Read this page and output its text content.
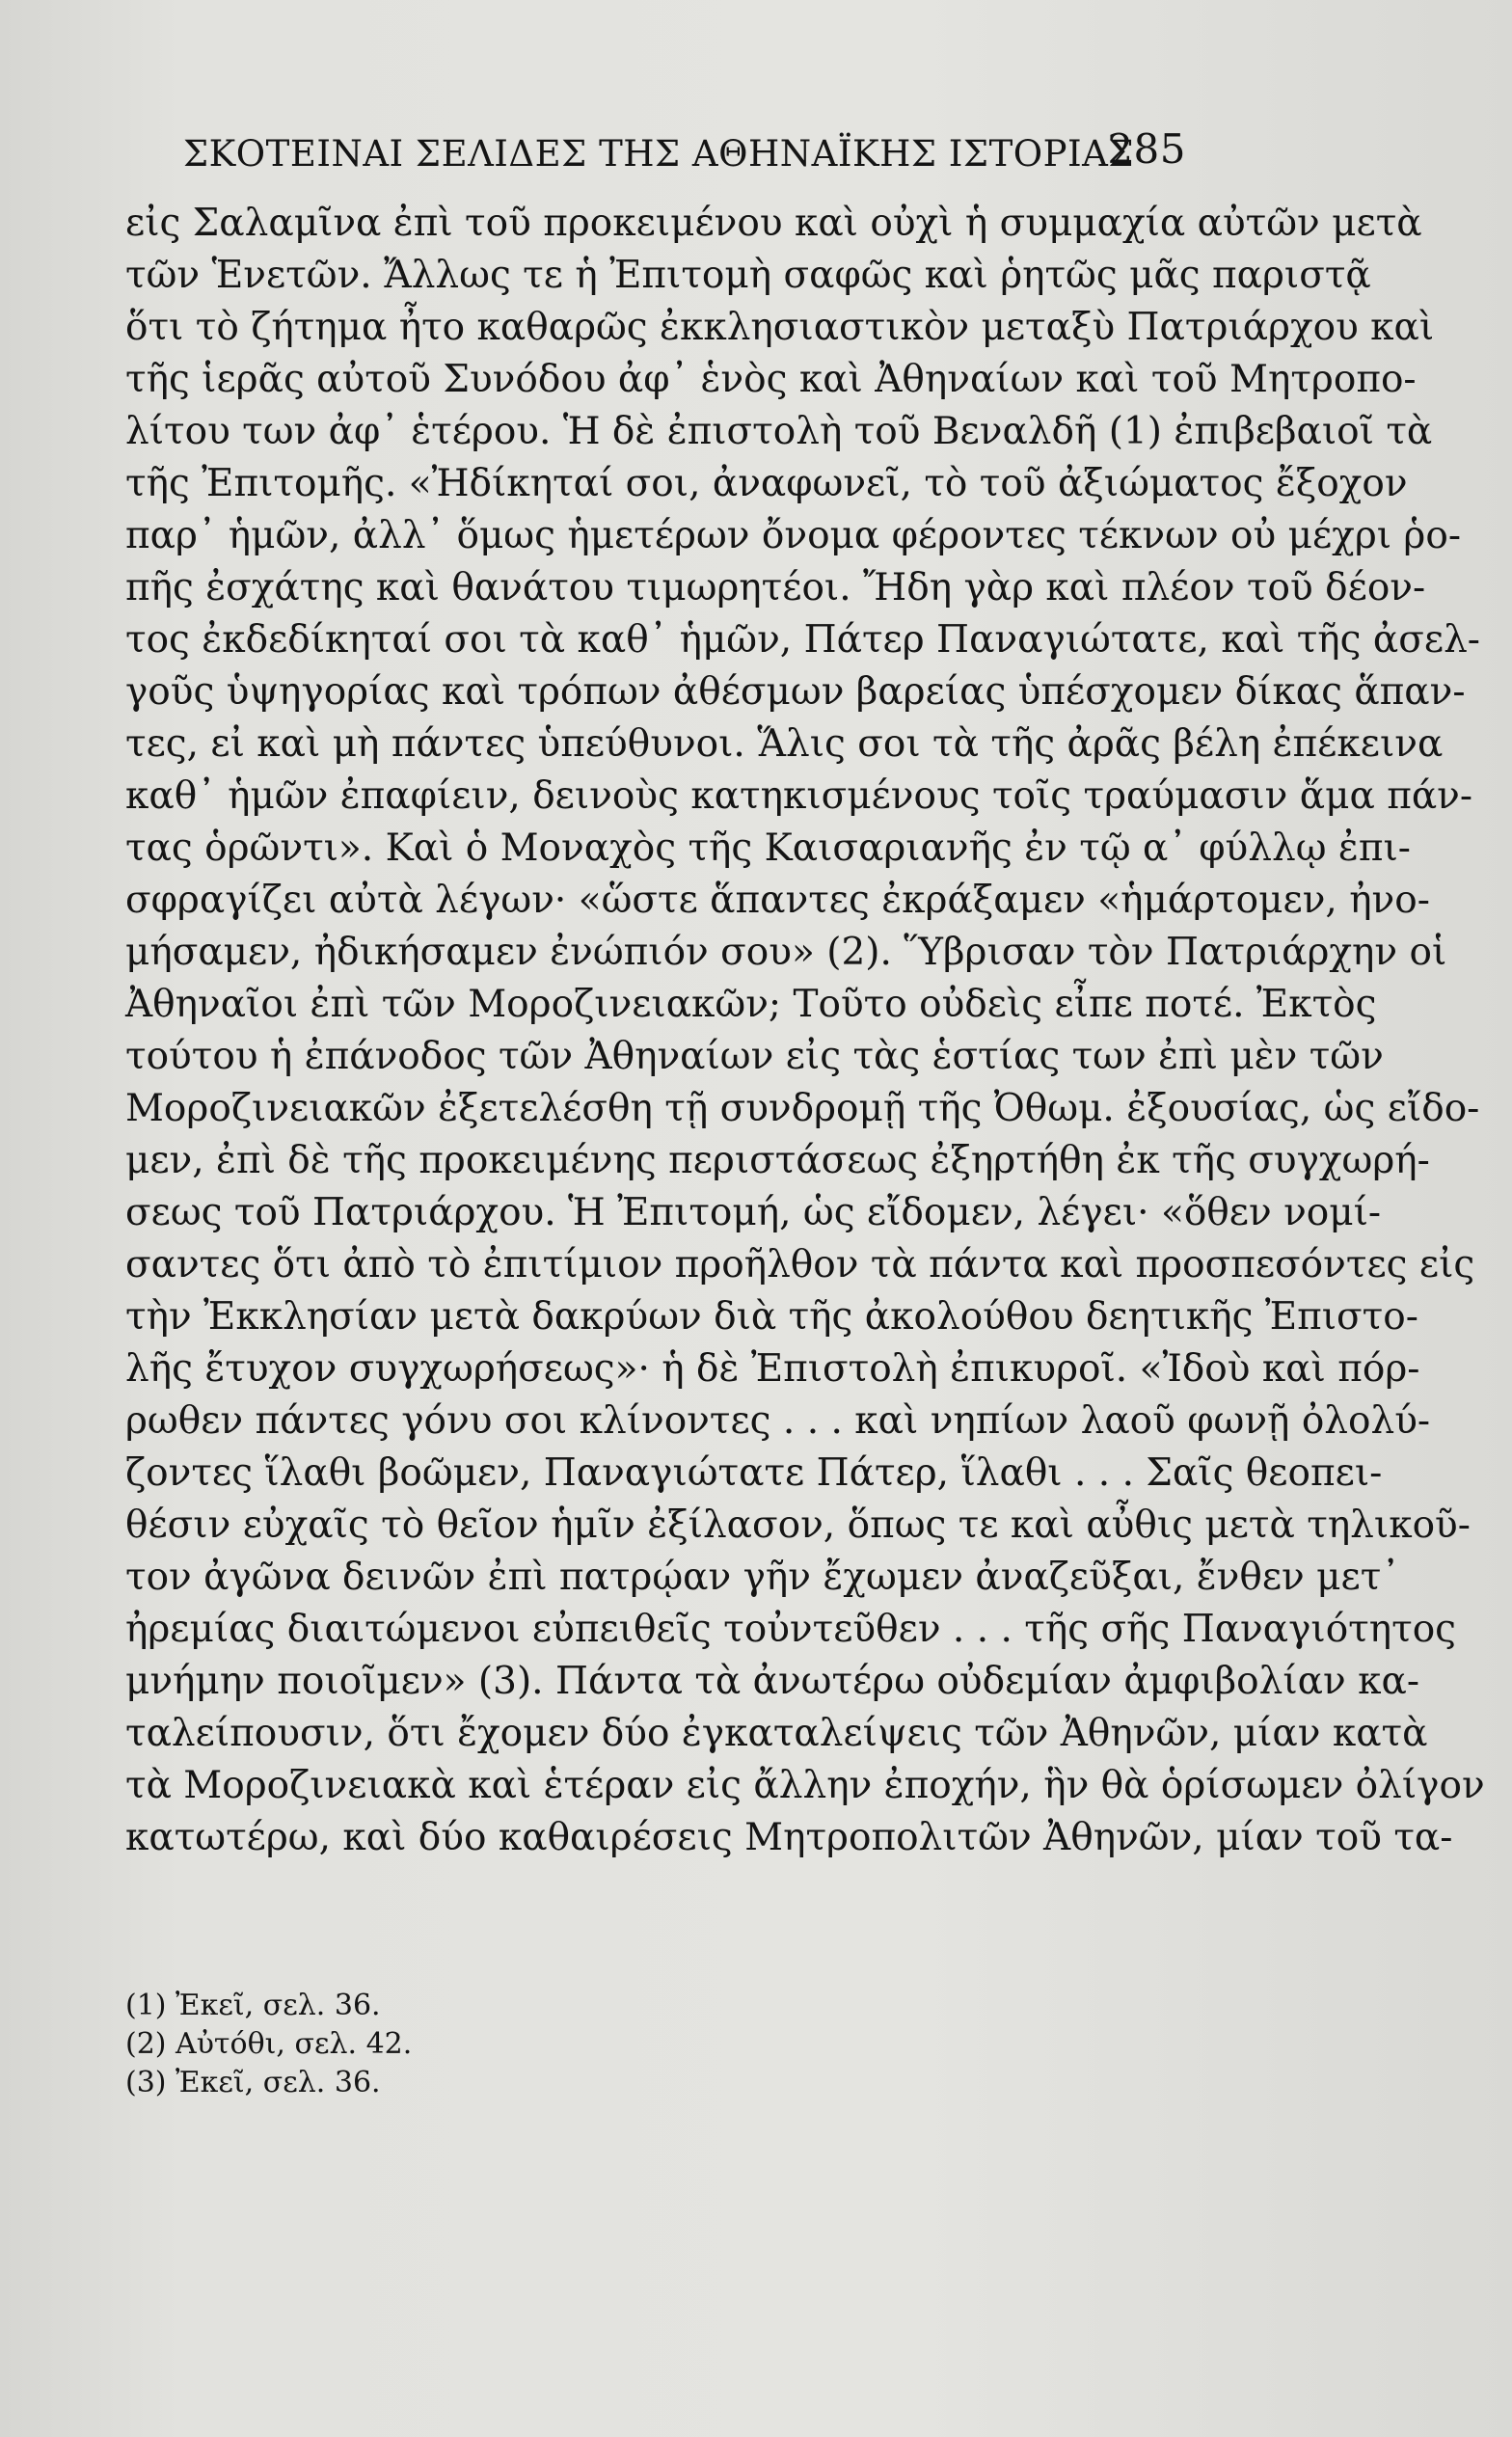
ΣΚΟΤΕΙΝΑΙ ΣΕΛΙΔΕΣ ΤΗΣ ΑΘΗΝΑΪΚΗΣ ΙΣΤΟΡΙΑΣ
285
εἰς Σαλαμῖνα ἐπὶ τοῦ προκειμένου καὶ οὐχὶ ἡ συμμαχία αὐτῶν μετὰ
τῶν Ἑνετῶν. Ἄλλως τε ἡ Ἐπιτομὴ σαφῶς καὶ ῥητῶς μᾶς παριστᾷ
ὅτι τὸ ζήτημα ἦτο καθαρῶς ἐκκλησιαστικὸν μεταξὺ Πατριάρχου καὶ
τῆς ἱερᾶς αὐτοῦ Συνόδου ἀφ᾽ ἑνὸς καὶ Ἀθηναίων καὶ τοῦ Μητροπο-
λίτου των ἀφ᾽ ἑτέρου. Ἡ δὲ ἐπιστολὴ τοῦ Βεναλδῆ (1) ἐπιβεβαιοῖ τὰ
τῆς Ἐπιτομῆς. «Ἠδίκηταί σοι, ἀναφωνεῖ, τὸ τοῦ ἀξιώματος ἔξοχον
παρ᾽ ἡμῶν, ἀλλ᾽ ὅμως ἡμετέρων ὄνομα φέροντες τέκνων οὐ μέχρι ῥο-
πῆς ἐσχάτης καὶ θανάτου τιμωρητέοι. Ἤδη γὰρ καὶ πλέον τοῦ δέον-
τος ἐκδεδίκηταί σοι τὰ καθ᾽ ἡμῶν, Πάτερ Παναγιώτατε, καὶ τῆς ἀσελ-
γοῦς ὑψηγορίας καὶ τρόπων ἀθέσμων βαρείας ὑπέσχομεν δίκας ἅπαν-
τες, εἰ καὶ μὴ πάντες ὑπεύθυνοι. Ἅλις σοι τὰ τῆς ἀρᾶς βέλη ἐπέκεινα
καθ᾽ ἡμῶν ἐπαφίειν, δεινοὺς κατηκισμένους τοῖς τραύμασιν ἅμα πάν-
τας ὁρῶντι». Καὶ ὁ Μοναχὸς τῆς Καισαριανῆς ἐν τῷ α᾽ φύλλῳ ἐπι-
σφραγίζει αὐτὰ λέγων· «ὥστε ἅπαντες ἐκράξαμεν «ἡμάρτομεν, ἠνο-
μήσαμεν, ἠδικήσαμεν ἐνώπιόν σου» (2). Ὕβρισαν τὸν Πατριάρχην οἱ
Ἀθηναῖοι ἐπὶ τῶν Μοροζινειακῶν; Τοῦτο οὐδεὶς εἶπε ποτέ. Ἐκτὸς
τούτου ἡ ἐπάνοδος τῶν Ἀθηναίων εἰς τὰς ἑστίας των ἐπὶ μὲν τῶν
Μοροζινειακῶν ἐξετελέσθη τῇ συνδρομῇ τῆς Ὀθωμ. ἐξουσίας, ὡς εἴδο-
μεν, ἐπὶ δὲ τῆς προκειμένης περιστάσεως ἐξηρτήθη ἐκ τῆς συγχωρή-
σεως τοῦ Πατριάρχου. Ἡ Ἐπιτομή, ὡς εἴδομεν, λέγει· «ὅθεν νομί-
σαντες ὅτι ἀπὸ τὸ ἐπιτίμιον προῆλθον τὰ πάντα καὶ προσπεσόντες εἰς
τὴν Ἐκκλησίαν μετὰ δακρύων διὰ τῆς ἀκολούθου δεητικῆς Ἐπιστο-
λῆς ἔτυχον συγχωρήσεως»· ἡ δὲ Ἐπιστολὴ ἐπικυροῖ. «Ἰδοὺ καὶ πόρ-
ρωθεν πάντες γόνυ σοι κλίνοντες . . . καὶ νηπίων λαοῦ φωνῇ ὀλολύ-
ζοντες ἵλαθι βοῶμεν, Παναγιώτατε Πάτερ, ἵλαθι . . . Σαῖς θεοπει-
θέσιν εὐχαῖς τὸ θεῖον ἡμῖν ἐξίλασον, ὅπως τε καὶ αὖθις μετὰ τηλικοῦ-
τον ἀγῶνα δεινῶν ἐπὶ πατρῴαν γῆν ἔχωμεν ἀναζεῦξαι, ἔνθεν μετ᾽
ἠρεμίας διαιτώμενοι εὐπειθεῖς τοὐντεῦθεν . . . τῆς σῆς Παναγιότητος
μνήμην ποιοῖμεν» (3). Πάντα τὰ ἀνωτέρω οὐδεμίαν ἀμφιβολίαν κα-
ταλείπουσιν, ὅτι ἔχομεν δύο ἐγκαταλείψεις τῶν Ἀθηνῶν, μίαν κατὰ
τὰ Μοροζινειακὰ καὶ ἑτέραν εἰς ἄλλην ἐποχήν, ἣν θὰ ὁρίσωμεν ὀλίγον
κατωτέρω, καὶ δύο καθαιρέσεις Μητροπολιτῶν Ἀθηνῶν, μίαν τοῦ τα-
(1) Ἐκεῖ, σελ. 36.
(2) Αὐτόθι, σελ. 42.
(3) Ἐκεῖ, σελ. 36.
